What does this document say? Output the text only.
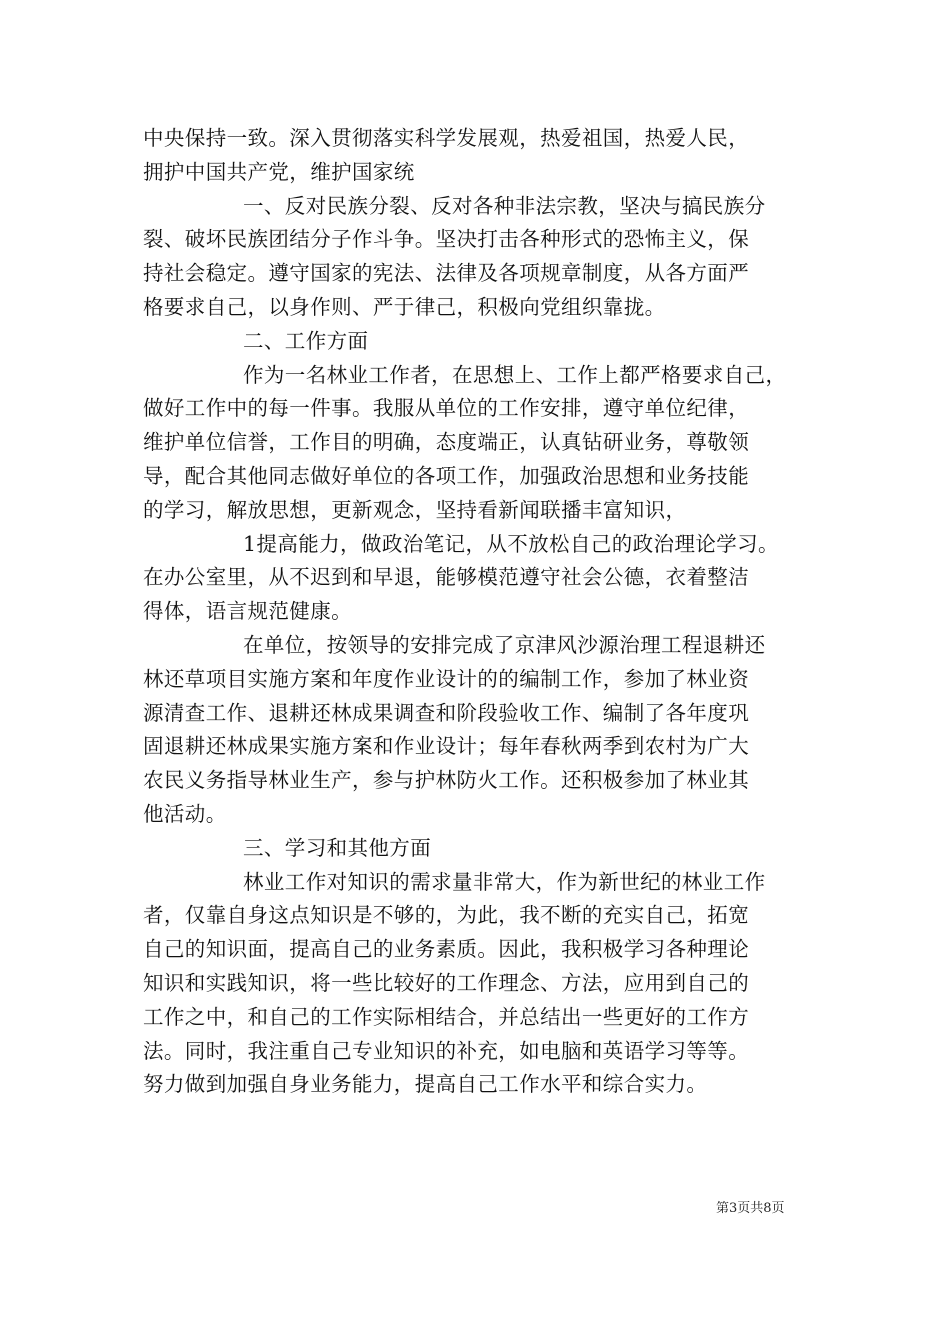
中央保持一致。深入贯彻落实科学发展观，热爱祖国，热爱人民，
拥护中国共产党，维护国家统
一、反对民族分裂、反对各种非法宗教，坚决与搞民族分
裂、破坏民族团结分子作斗争。坚决打击各种形式的恐怖主义，保
持社会稳定。遵守国家的宪法、法律及各项规章制度，从各方面严
格要求自己，以身作则、严于律己，积极向党组织靠拢。
二、工作方面
作为一名林业工作者，在思想上、工作上都严格要求自己，
做好工作中的每一件事。我服从单位的工作安排，遵守单位纪律，
维护单位信誉，工作目的明确，态度端正，认真钻研业务，尊敬领
导，配合其他同志做好单位的各项工作，加强政治思想和业务技能
的学习，解放思想，更新观念，坚持看新闻联播丰富知识，
1提高能力，做政治笔记，从不放松自己的政治理论学习。
在办公室里，从不迟到和早退，能够模范遵守社会公德，衣着整洁
得体，语言规范健康。
在单位，按领导的安排完成了京津风沙源治理工程退耕还
林还草项目实施方案和年度作业设计的的编制工作，参加了林业资
源清查工作、退耕还林成果调查和阶段验收工作、编制了各年度巩
固退耕还林成果实施方案和作业设计；每年春秋两季到农村为广大
农民义务指导林业生产，参与护林防火工作。还积极参加了林业其
他活动。
三、学习和其他方面
林业工作对知识的需求量非常大，作为新世纪的林业工作
者，仅靠自身这点知识是不够的，为此，我不断的充实自己，拓宽
自己的知识面，提高自己的业务素质。因此，我积极学习各种理论
知识和实践知识，将一些比较好的工作理念、方法，应用到自己的
工作之中，和自己的工作实际相结合，并总结出一些更好的工作方
法。同时，我注重自己专业知识的补充，如电脑和英语学习等等。
努力做到加强自身业务能力，提高自己工作水平和综合实力。
第3页共8页
